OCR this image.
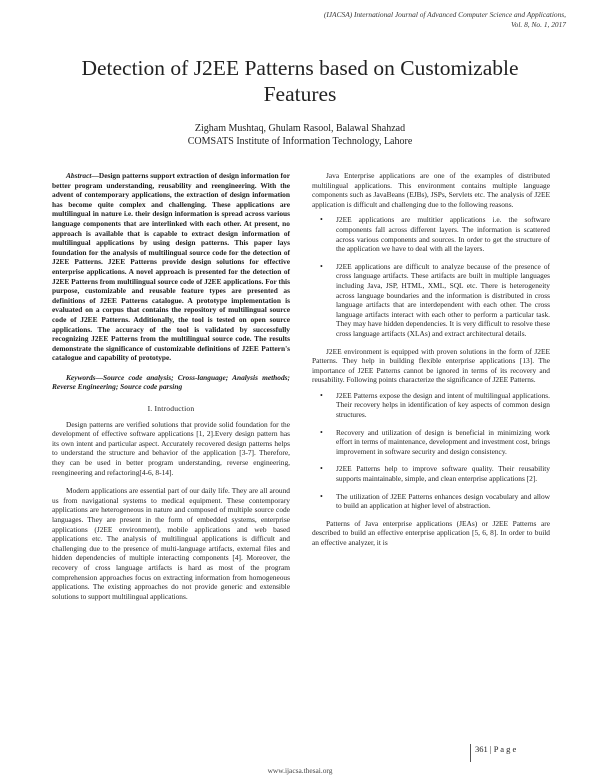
(IJACSA) International Journal of Advanced Computer Science and Applications,
Vol. 8, No. 1, 2017
Detection of J2EE Patterns based on Customizable
Features
Zigham Mushtaq, Ghulam Rasool, Balawal Shahzad
COMSATS Institute of Information Technology, Lahore

Abstract—Design patterns support extraction of design information for better program understanding, reusability and reengineering. With the advent of contemporary applications, the extraction of design information has become quite complex and challenging. These applications are multilingual in nature i.e. their design information is spread across various language components that are interlinked with each other. At present, no approach is available that is capable to extract design information of multilingual applications by using design patterns. This paper lays foundation for the analysis of multilingual source code for the detection of J2EE Patterns. J2EE Patterns provide design solutions for effective enterprise applications. A novel approach is presented for the detection of J2EE Patterns from multilingual source code of J2EE applications. For this purpose, customizable and reusable feature types are presented as definitions of J2EE Patterns catalogue. A prototype implementation is evaluated on a corpus that contains the repository of multilingual source code of J2EE Patterns. Additionally, the tool is tested on open source applications. The accuracy of the tool is validated by successfully recognizing J2EE Patterns from the multilingual source code. The results demonstrate the significance of customizable definitions of J2EE Pattern's catalogue and capability of prototype.

Keywords—Source code analysis; Cross-language; Analysis methods; Reverse Engineering; Source code parsing

I. Introduction

Design patterns are verified solutions that provide solid foundation for the development of effective software applications [1, 2].Every design pattern has its own intent and particular aspect. Accurately recovered design patterns helps to understand the structure and behavior of the application [3-7]. Therefore, they can be used in better program understanding, reverse engineering, reengineering and refactoring[4-6, 8-14].

Modern applications are essential part of our daily life. They are all around us from navigational systems to medical equipment. These contemporary applications are heterogeneous in nature and composed of multiple source code languages. They are present in the form of embedded systems, enterprise applications (J2EE environment), mobile applications and web based applications etc. The analysis of multilingual applications is difficult and challenging due to the presence of multi-language artifacts, external files and hidden dependencies of multiple interacting components [4]. Moreover, the recovery of cross language artifacts is hard as most of the program comprehension approaches focus on extracting information from homogeneous applications. The existing approaches do not provide generic and extensible solutions to support multilingual applications.

Java Enterprise applications are one of the examples of distributed multilingual applications. This environment contains multiple language components such as JavaBeans (EJBs), JSPs, Servlets etc. The analysis of J2EE application is difficult and challenging due to the following reasons.

• J2EE applications are multitier applications i.e. the software components fall across different layers. The information is scattered across various components and sources. In order to get the structure of the application we have to deal with all the layers.
• J2EE applications are difficult to analyze because of the presence of cross language artifacts. These artifacts are built in multiple languages including Java, JSP, HTML, XML, SQL etc. There is heterogeneity across language boundaries and the information is distributed in cross language artifacts that are interdependent with each other. The cross language artifacts interact with each other to perform a particular task. They may have hidden dependencies. It is very difficult to resolve these cross language artifacts (XLAs) and extract architectural details.

J2EE environment is equipped with proven solutions in the form of J2EE Patterns. They help in building flexible enterprise applications [13]. The importance of J2EE Patterns cannot be ignored in terms of its recovery and reusability. Following points characterize the significance of J2EE Patterns.

• J2EE Patterns expose the design and intent of multilingual applications. Their recovery helps in identification of key aspects of common design structures.
• Recovery and utilization of design is beneficial in minimizing work effort in terms of maintenance, development and investment cost, brings improvement in software security and design consistency.
• J2EE Patterns help to improve software quality. Their reusability supports maintainable, simple, and clean enterprise applications [2].
• The utilization of J2EE Patterns enhances design vocabulary and allow to build an application at higher level of abstraction.

Patterns of Java enterprise applications (JEAs) or J2EE Patterns are described to build an effective enterprise application [5, 6, 8]. In order to build an effective analyzer, it is

361 | P a g e
www.ijacsa.thesai.org
